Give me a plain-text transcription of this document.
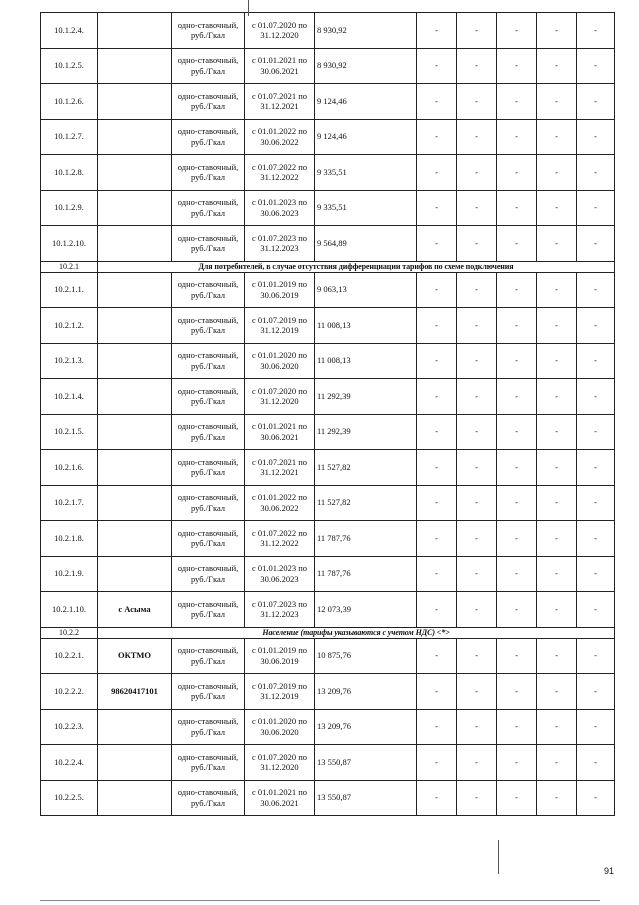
10.1.2.4.		одно-ставочный, руб./Гкал	с 01.07.2020 по 31.12.2020	8 930,92	-	-	-	-	-
10.1.2.5.		одно-ставочный, руб./Гкал	с 01.01.2021 по 30.06.2021	8 930,92	-	-	-	-	-
10.1.2.6.		одно-ставочный, руб./Гкал	с 01.07.2021 по 31.12.2021	9 124,46	-	-	-	-	-
10.1.2.7.		одно-ставочный, руб./Гкал	с 01.01.2022 по 30.06.2022	9 124,46	-	-	-	-	-
10.1.2.8.		одно-ставочный, руб./Гкал	с 01.07.2022 по 31.12.2022	9 335,51	-	-	-	-	-
10.1.2.9.		одно-ставочный, руб./Гкал	с 01.01.2023 по 30.06.2023	9 335,51	-	-	-	-	-
10.1.2.10.		одно-ставочный, руб./Гкал	с 01.07.2023 по 31.12.2023	9 564,89	-	-	-	-	-
10.2.1	Для потребителей, в случае отсутствия дифференциации тарифов по схеме подключения								
10.2.1.1.		одно-ставочный, руб./Гкал	с 01.01.2019 по 30.06.2019	9 063,13	-	-	-	-	-
10.2.1.2.		одно-ставочный, руб./Гкал	с 01.07.2019 по 31.12.2019	11 008,13	-	-	-	-	-
10.2.1.3.		одно-ставочный, руб./Гкал	с 01.01.2020 по 30.06.2020	11 008,13	-	-	-	-	-
10.2.1.4.		одно-ставочный, руб./Гкал	с 01.07.2020 по 31.12.2020	11 292,39	-	-	-	-	-
10.2.1.5.		одно-ставочный, руб./Гкал	с 01.01.2021 по 30.06.2021	11 292,39	-	-	-	-	-
10.2.1.6.		одно-ставочный, руб./Гкал	с 01.07.2021 по 31.12.2021	11 527,82	-	-	-	-	-
10.2.1.7.		одно-ставочный, руб./Гкал	с 01.01.2022 по 30.06.2022	11 527,82	-	-	-	-	-
10.2.1.8.		одно-ставочный, руб./Гкал	с 01.07.2022 по 31.12.2022	11 787,76	-	-	-	-	-
10.2.1.9.		одно-ставочный, руб./Гкал	с 01.01.2023 по 30.06.2023	11 787,76	-	-	-	-	-
10.2.1.10.	с Асыма	одно-ставочный, руб./Гкал	с 01.07.2023 по 31.12.2023	12 073,39	-	-	-	-	-
10.2.2	Население (тарифы указываются с учетом НДС) <*>								
10.2.2.1.	ОКТМО	одно-ставочный, руб./Гкал	с 01.01.2019 по 30.06.2019	10 875,76	-	-	-	-	-
10.2.2.2.	98620417101	одно-ставочный, руб./Гкал	с 01.07.2019 по 31.12.2019	13 209,76	-	-	-	-	-
10.2.2.3.		одно-ставочный, руб./Гкал	с 01.01.2020 по 30.06.2020	13 209,76	-	-	-	-	-
10.2.2.4.		одно-ставочный, руб./Гкал	с 01.07.2020 по 31.12.2020	13 550,87	-	-	-	-	-
10.2.2.5.		одно-ставочный, руб./Гкал	с 01.01.2021 по 30.06.2021	13 550,87	-	-	-	-	-
91
